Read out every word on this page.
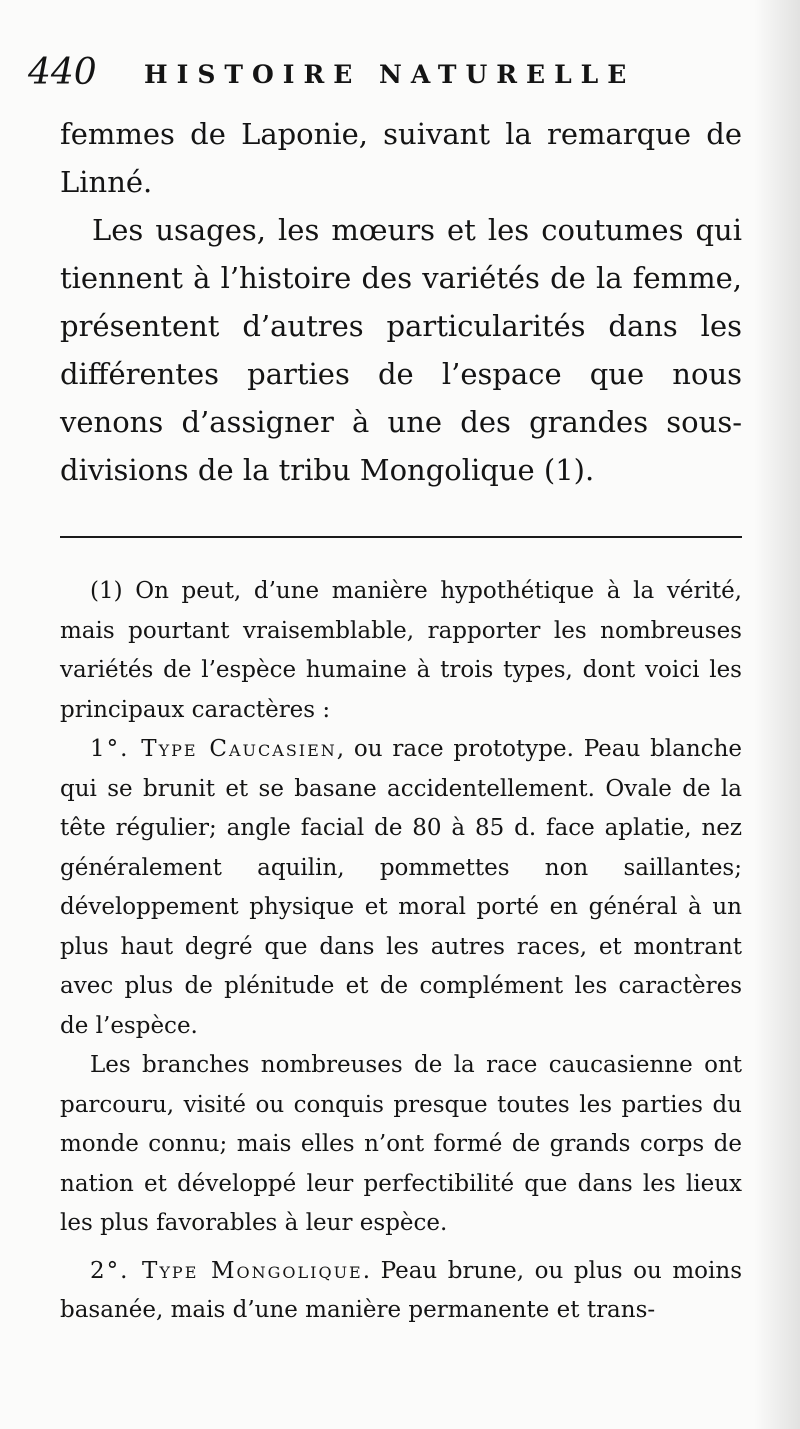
440 HISTOIRE NATURELLE

femmes de Laponie, suivant la remarque de Linné.

Les usages, les mœurs et les coutumes qui tiennent à l’histoire des variétés de la femme, présentent d’autres particularités dans les différentes parties de l’espace que nous venons d’assigner à une des grandes sous-divisions de la tribu Mongolique (1).

(1) On peut, d’une manière hypothétique à la vérité, mais pourtant vraisemblable, rapporter les nombreuses variétés de l’espèce humaine à trois types, dont voici les principaux caractères :

1°. Type Caucasien, ou race prototype. Peau blanche qui se brunit et se basane accidentellement. Ovale de la tête régulier; angle facial de 80 à 85 d. face aplatie, nez généralement aquilin, pommettes non saillantes; développement physique et moral porté en général à un plus haut degré que dans les autres races, et montrant avec plus de plénitude et de complément les caractères de l’espèce.

Les branches nombreuses de la race caucasienne ont parcouru, visité ou conquis presque toutes les parties du monde connu; mais elles n’ont formé de grands corps de nation et développé leur perfectibilité que dans les lieux les plus favorables à leur espèce.

2°. Type Mongolique. Peau brune, ou plus ou moins basanée, mais d’une manière permanente et trans-
